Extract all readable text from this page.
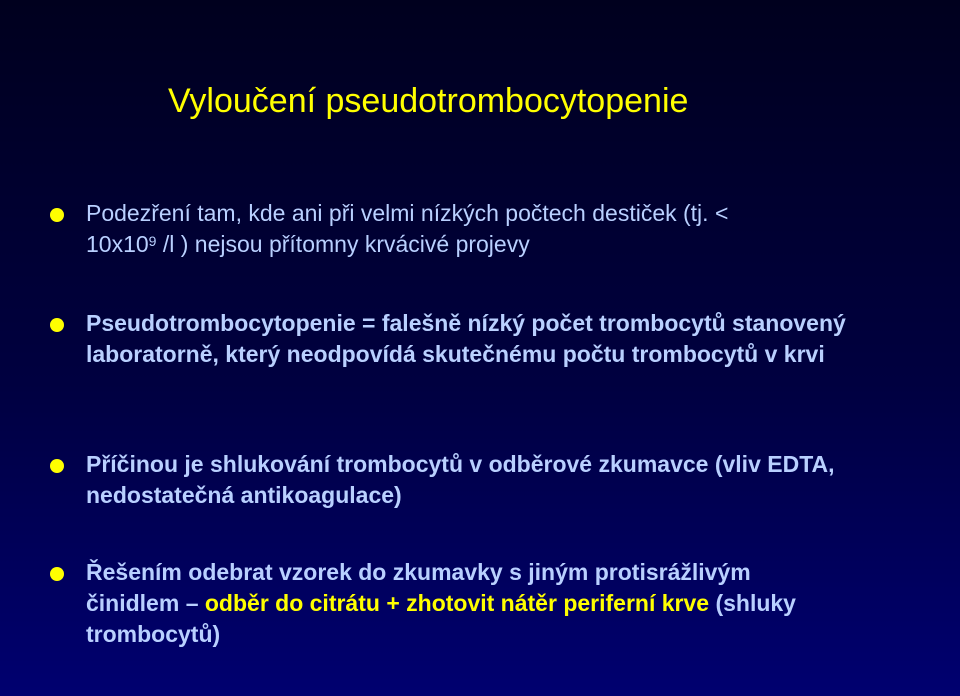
Vyloučení pseudotrombocytopenie
Podezření tam, kde ani při velmi nízkých počtech destiček (tj. <
$10x10^9$ /l ) nejsou přítomny krvácivé projevy
Pseudotrombocytopenie = falešně nízký počet trombocytů stanovený laboratorně, který neodpovídá skutečnému počtu trombocytů v krvi
Příčinou je shlukování trombocytů v odběrové zkumavce (vliv EDTA, nedostatečná antikoagulace)
Řešením odebrat vzorek do zkumavky s jiným protisrážlivým
činidlem – odběr do citrátu + zhotovit nátěr periferní krve (shluky
trombocytů)
